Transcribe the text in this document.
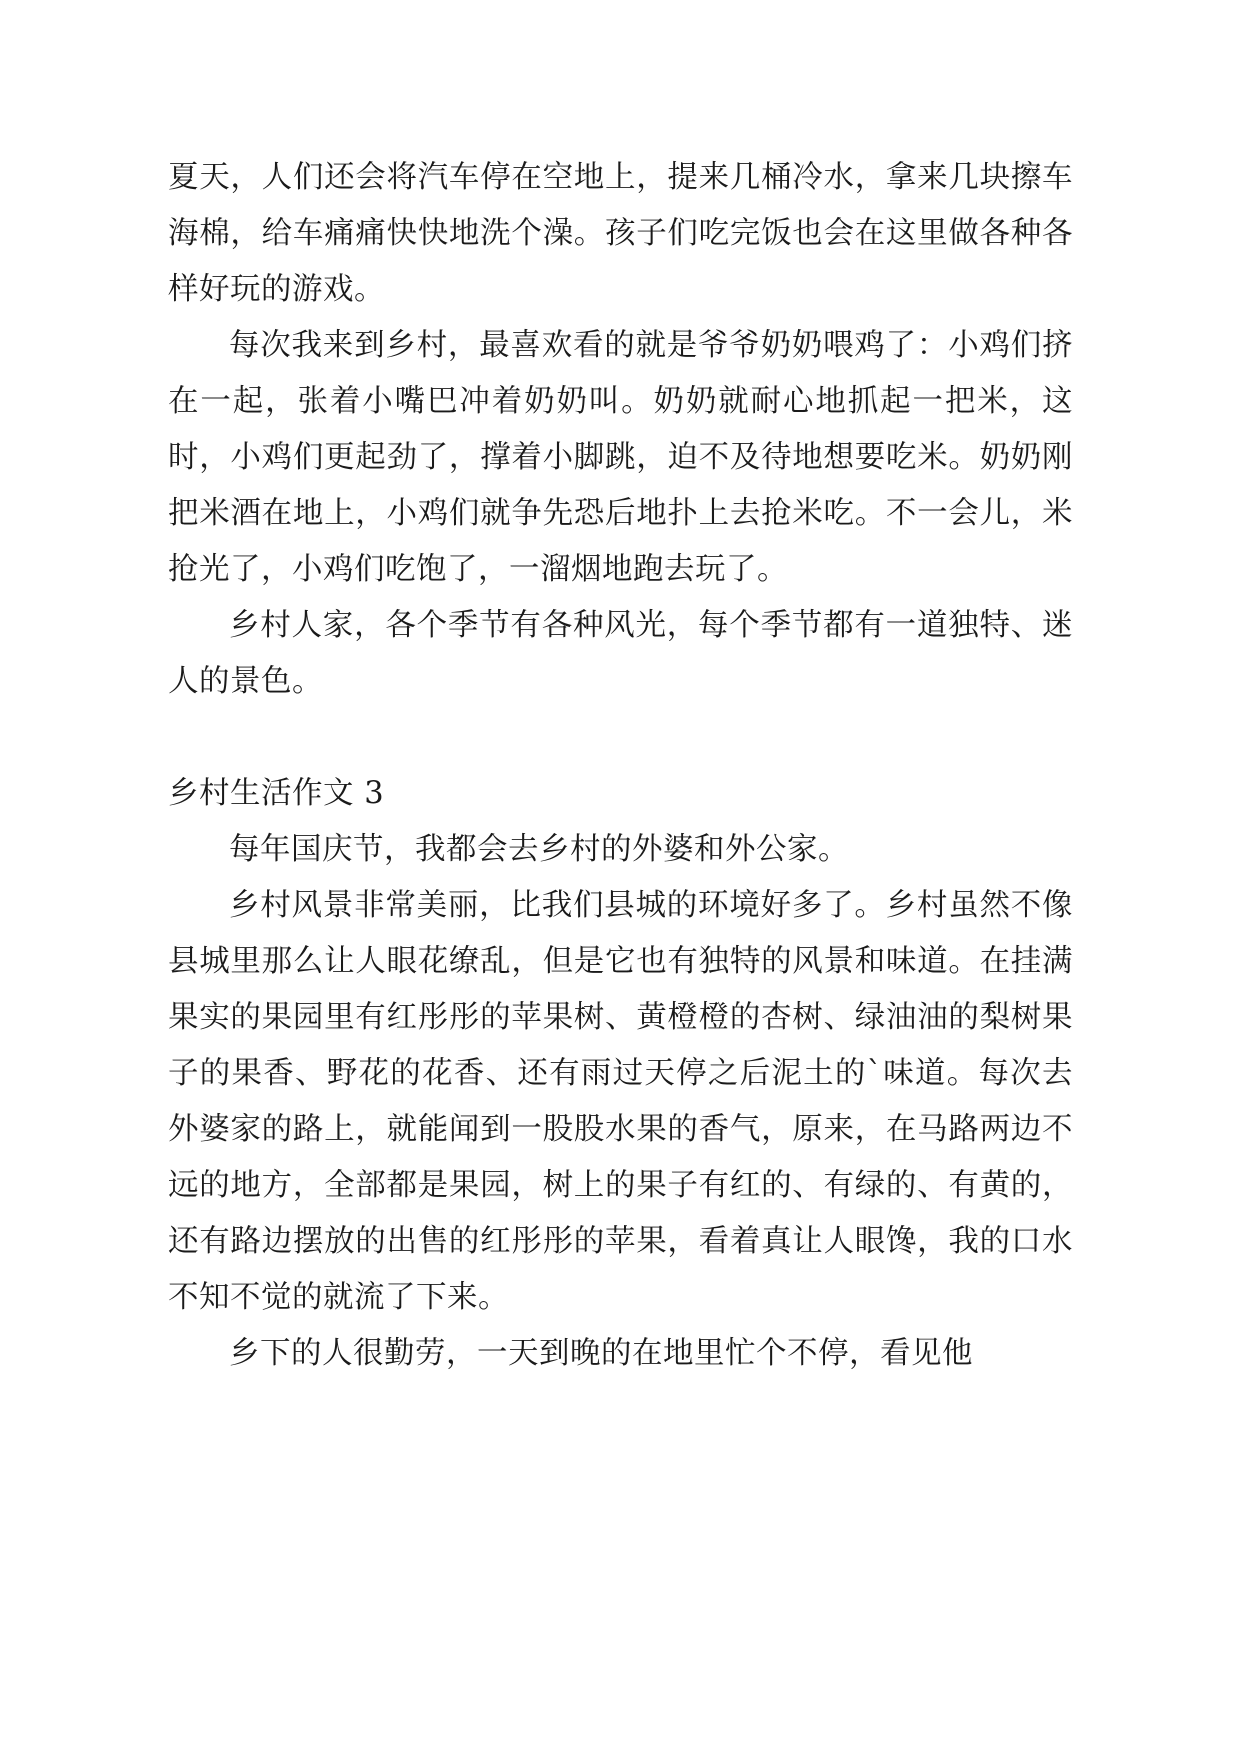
夏天，人们还会将汽车停在空地上，提来几桶冷水，拿来几块擦车海棉，给车痛痛快快地洗个澡。孩子们吃完饭也会在这里做各种各样好玩的游戏。

每次我来到乡村，最喜欢看的就是爷爷奶奶喂鸡了：小鸡们挤在一起，张着小嘴巴冲着奶奶叫。奶奶就耐心地抓起一把米，这时，小鸡们更起劲了，撑着小脚跳，迫不及待地想要吃米。奶奶刚把米酒在地上，小鸡们就争先恐后地扑上去抢米吃。不一会儿，米抢光了，小鸡们吃饱了，一溜烟地跑去玩了。

乡村人家，各个季节有各种风光，每个季节都有一道独特、迷人的景色。

乡村生活作文 3

每年国庆节，我都会去乡村的外婆和外公家。

乡村风景非常美丽，比我们县城的环境好多了。乡村虽然不像县城里那么让人眼花缭乱，但是它也有独特的风景和味道。在挂满果实的果园里有红彤彤的苹果树、黄橙橙的杏树、绿油油的梨树果子的果香、野花的花香、还有雨过天停之后泥土的`味道。每次去外婆家的路上，就能闻到一股股水果的香气，原来，在马路两边不远的地方，全部都是果园，树上的果子有红的、有绿的、有黄的，还有路边摆放的出售的红彤彤的苹果，看着真让人眼馋，我的口水不知不觉的就流了下来。

乡下的人很勤劳，一天到晚的在地里忙个不停，看见他
